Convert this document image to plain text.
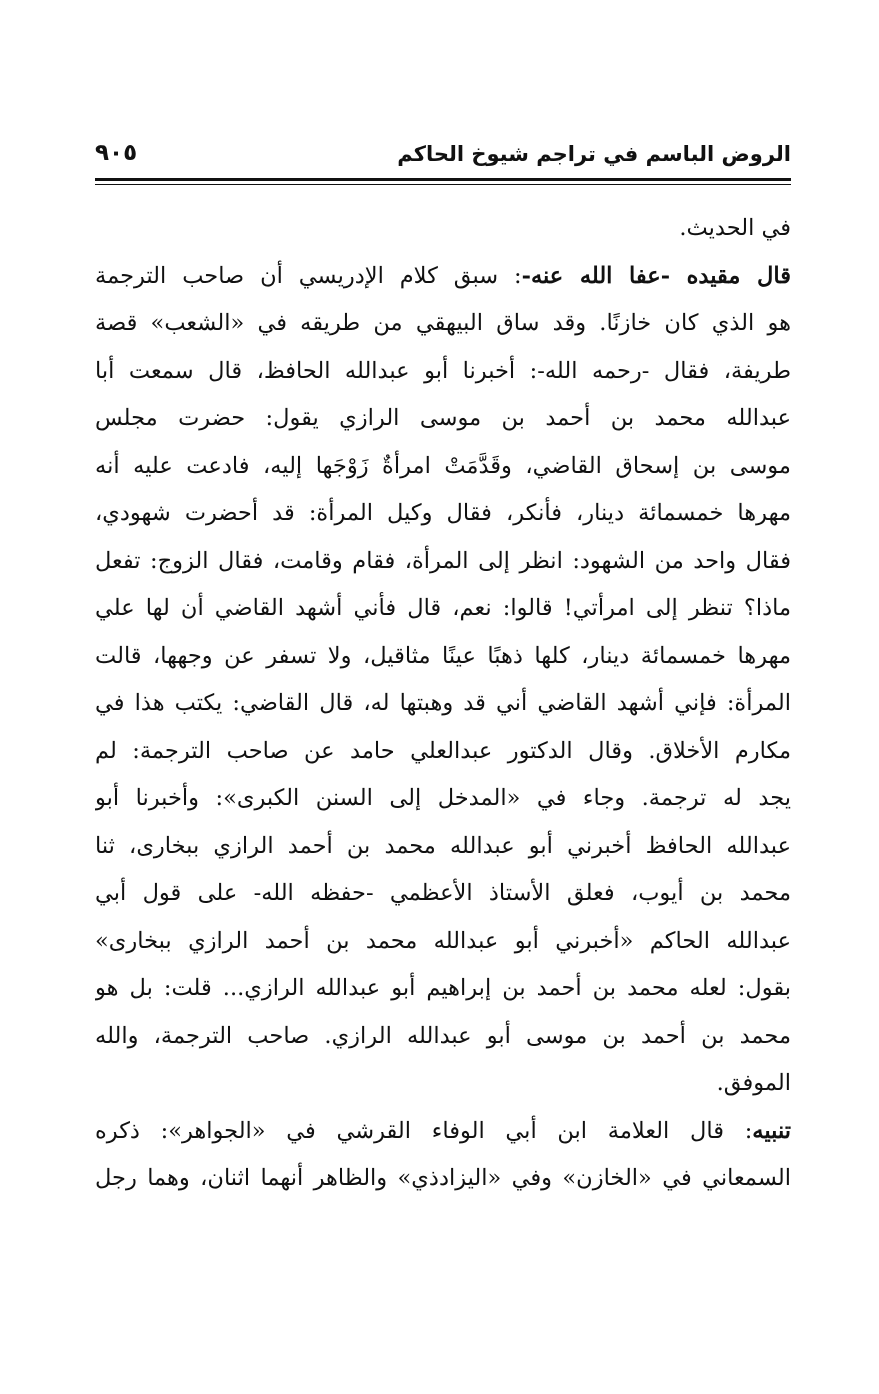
الروض الباسم في تراجم شيوخ الحاكم
٩٠٥
في الحديث.
قال مقيده -عفا الله عنه-: سبق كلام الإدريسي أن صاحب الترجمة
هو الذي كان خازنًا. وقد ساق البيهقي من طريقه في «الشعب» قصة
طريفة، فقال -رحمه الله-: أخبرنا أبو عبدالله الحافظ، قال سمعت أبا
عبدالله محمد بن أحمد بن موسى الرازي يقول: حضرت مجلس
موسى بن إسحاق القاضي، وقَدَّمَتْ امرأةٌ زَوْجَها إليه، فادعت عليه أنه
مهرها خمسمائة دينار، فأنكر، فقال وكيل المرأة: قد أحضرت شهودي،
فقال واحد من الشهود: انظر إلى المرأة، فقام وقامت، فقال الزوج: تفعل
ماذا؟ تنظر إلى امرأتي! قالوا: نعم، قال فأني أشهد القاضي أن لها علي
مهرها خمسمائة دينار، كلها ذهبًا عينًا مثاقيل، ولا تسفر عن وجهها، قالت
المرأة: فإني أشهد القاضي أني قد وهبتها له، قال القاضي: يكتب هذا في
مكارم الأخلاق. وقال الدكتور عبدالعلي حامد عن صاحب الترجمة: لم
يجد له ترجمة. وجاء في «المدخل إلى السنن الكبرى»: وأخبرنا أبو
عبدالله الحافظ أخبرني أبو عبدالله محمد بن أحمد الرازي ببخارى، ثنا
محمد بن أيوب، فعلق الأستاذ الأعظمي -حفظه الله- على قول أبي
عبدالله الحاكم «أخبرني أبو عبدالله محمد بن أحمد الرازي ببخارى»
بقول: لعله محمد بن أحمد بن إبراهيم أبو عبدالله الرازي... قلت: بل هو
محمد بن أحمد بن موسى أبو عبدالله الرازي. صاحب الترجمة، والله
الموفق.
تنبيه: قال العلامة ابن أبي الوفاء القرشي في «الجواهر»: ذكره
السمعاني في «الخازن» وفي «اليزادذي» والظاهر أنهما اثنان، وهما رجل
